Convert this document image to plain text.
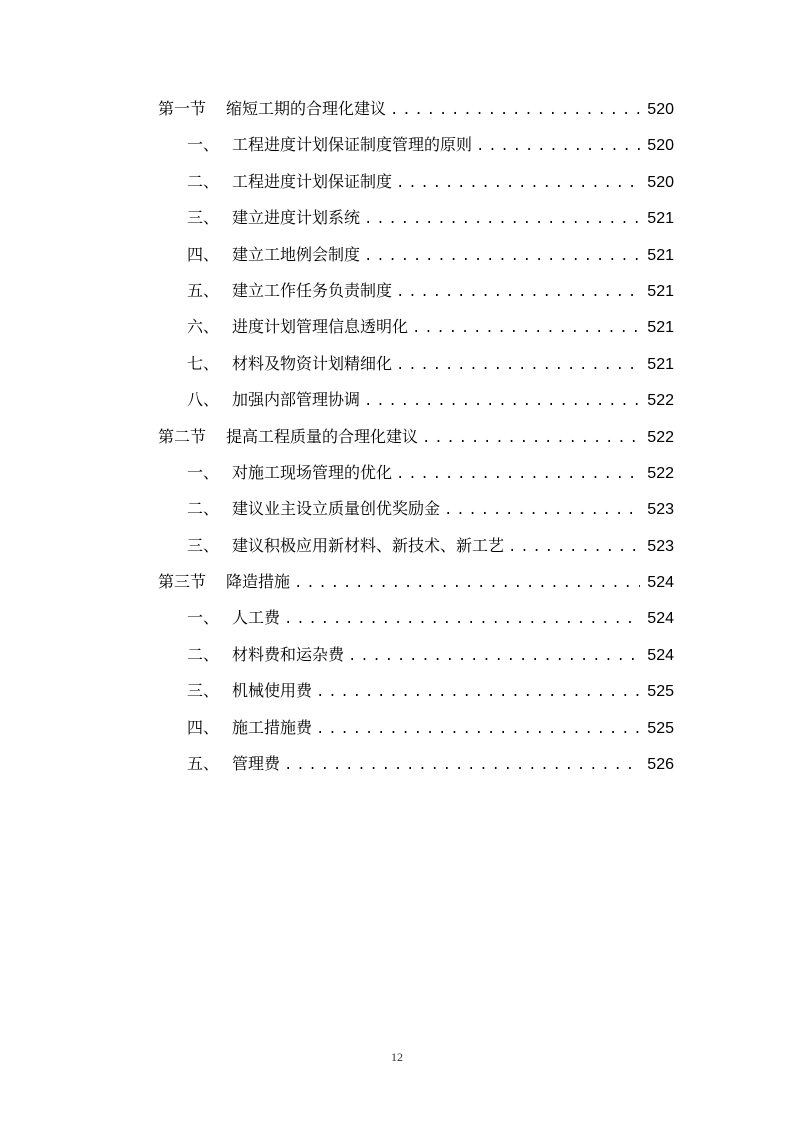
第一节	缩短工期的合理化建议 . . .	520
一、 工程进度计划保证制度管理的原则 . . .	520
二、 工程进度计划保证制度 . . .	520
三、 建立进度计划系统 . . .	521
四、 建立工地例会制度 . . .	521
五、 建立工作任务负责制度 . . .	521
六、 进度计划管理信息透明化 . . .	521
七、 材料及物资计划精细化 . . .	521
八、 加强内部管理协调 . . .	522
第二节	提高工程质量的合理化建议 . . .	522
一、 对施工现场管理的优化 . . .	522
二、 建议业主设立质量创优奖励金 . . .	523
三、 建议积极应用新材料、新技术、新工艺 . . .	523
第三节	降造措施 . . .	524
一、 人工费 . . .	524
二、 材料费和运杂费 . . .	524
三、 机械使用费 . . .	525
四、 施工措施费 . . .	525
五、 管理费 . . .	526
12
